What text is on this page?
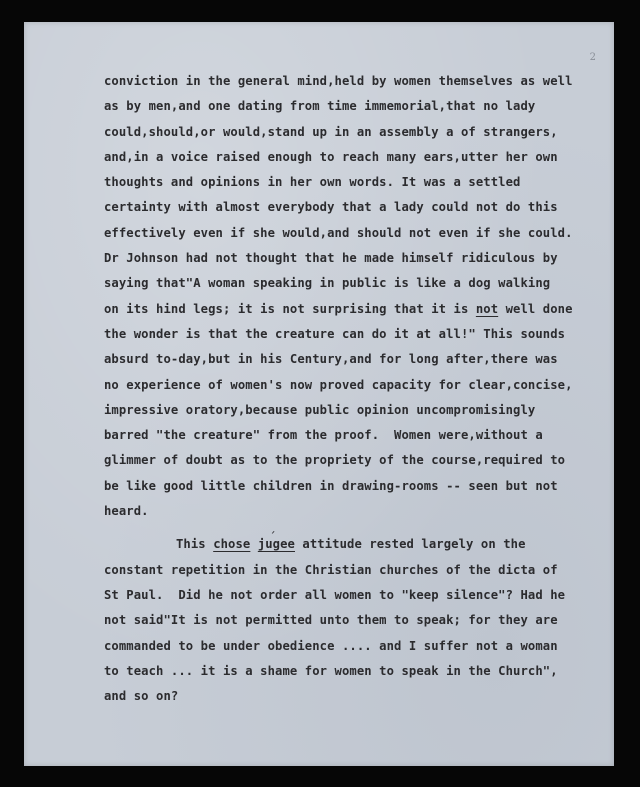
2
conviction in the general mind,held by women themselves as well
as by men,and one dating from time immemorial,that no lady
could,should,or would,stand up in an assembly a of strangers,
and,in a voice raised enough to reach many ears,utter her own
thoughts and opinions in her own words. It was a settled
certainty with almost everybody that a lady could not do this
effectively even if she would,and should not even if she could.
Dr Johnson had not thought that he made himself ridiculous by
saying that"A woman speaking in public is like a dog walking
on its hind legs; it is not surprising that it is not well done
the wonder is that the creature can do it at all!" This sounds
absurd to-day,but in his Century,and for long after,there was
no experience of women's now proved capacity for clear,concise,
impressive oratory,because public opinion uncompromisingly
barred "the creature" from the proof.  Women were,without a
glimmer of doubt as to the propriety of the course,required to
be like good little children in drawing-rooms -- seen but not
heard.
This chose ´ jugee attitude rested largely on the
constant repetition in the Christian churches of the dicta of
St Paul.  Did he not order all women to "keep silence"? Had he
not said"It is not permitted unto them to speak; for they are
commanded to be under obedience .... and I suffer not a woman
to teach ... it is a shame for women to speak in the Church",
and so on?
